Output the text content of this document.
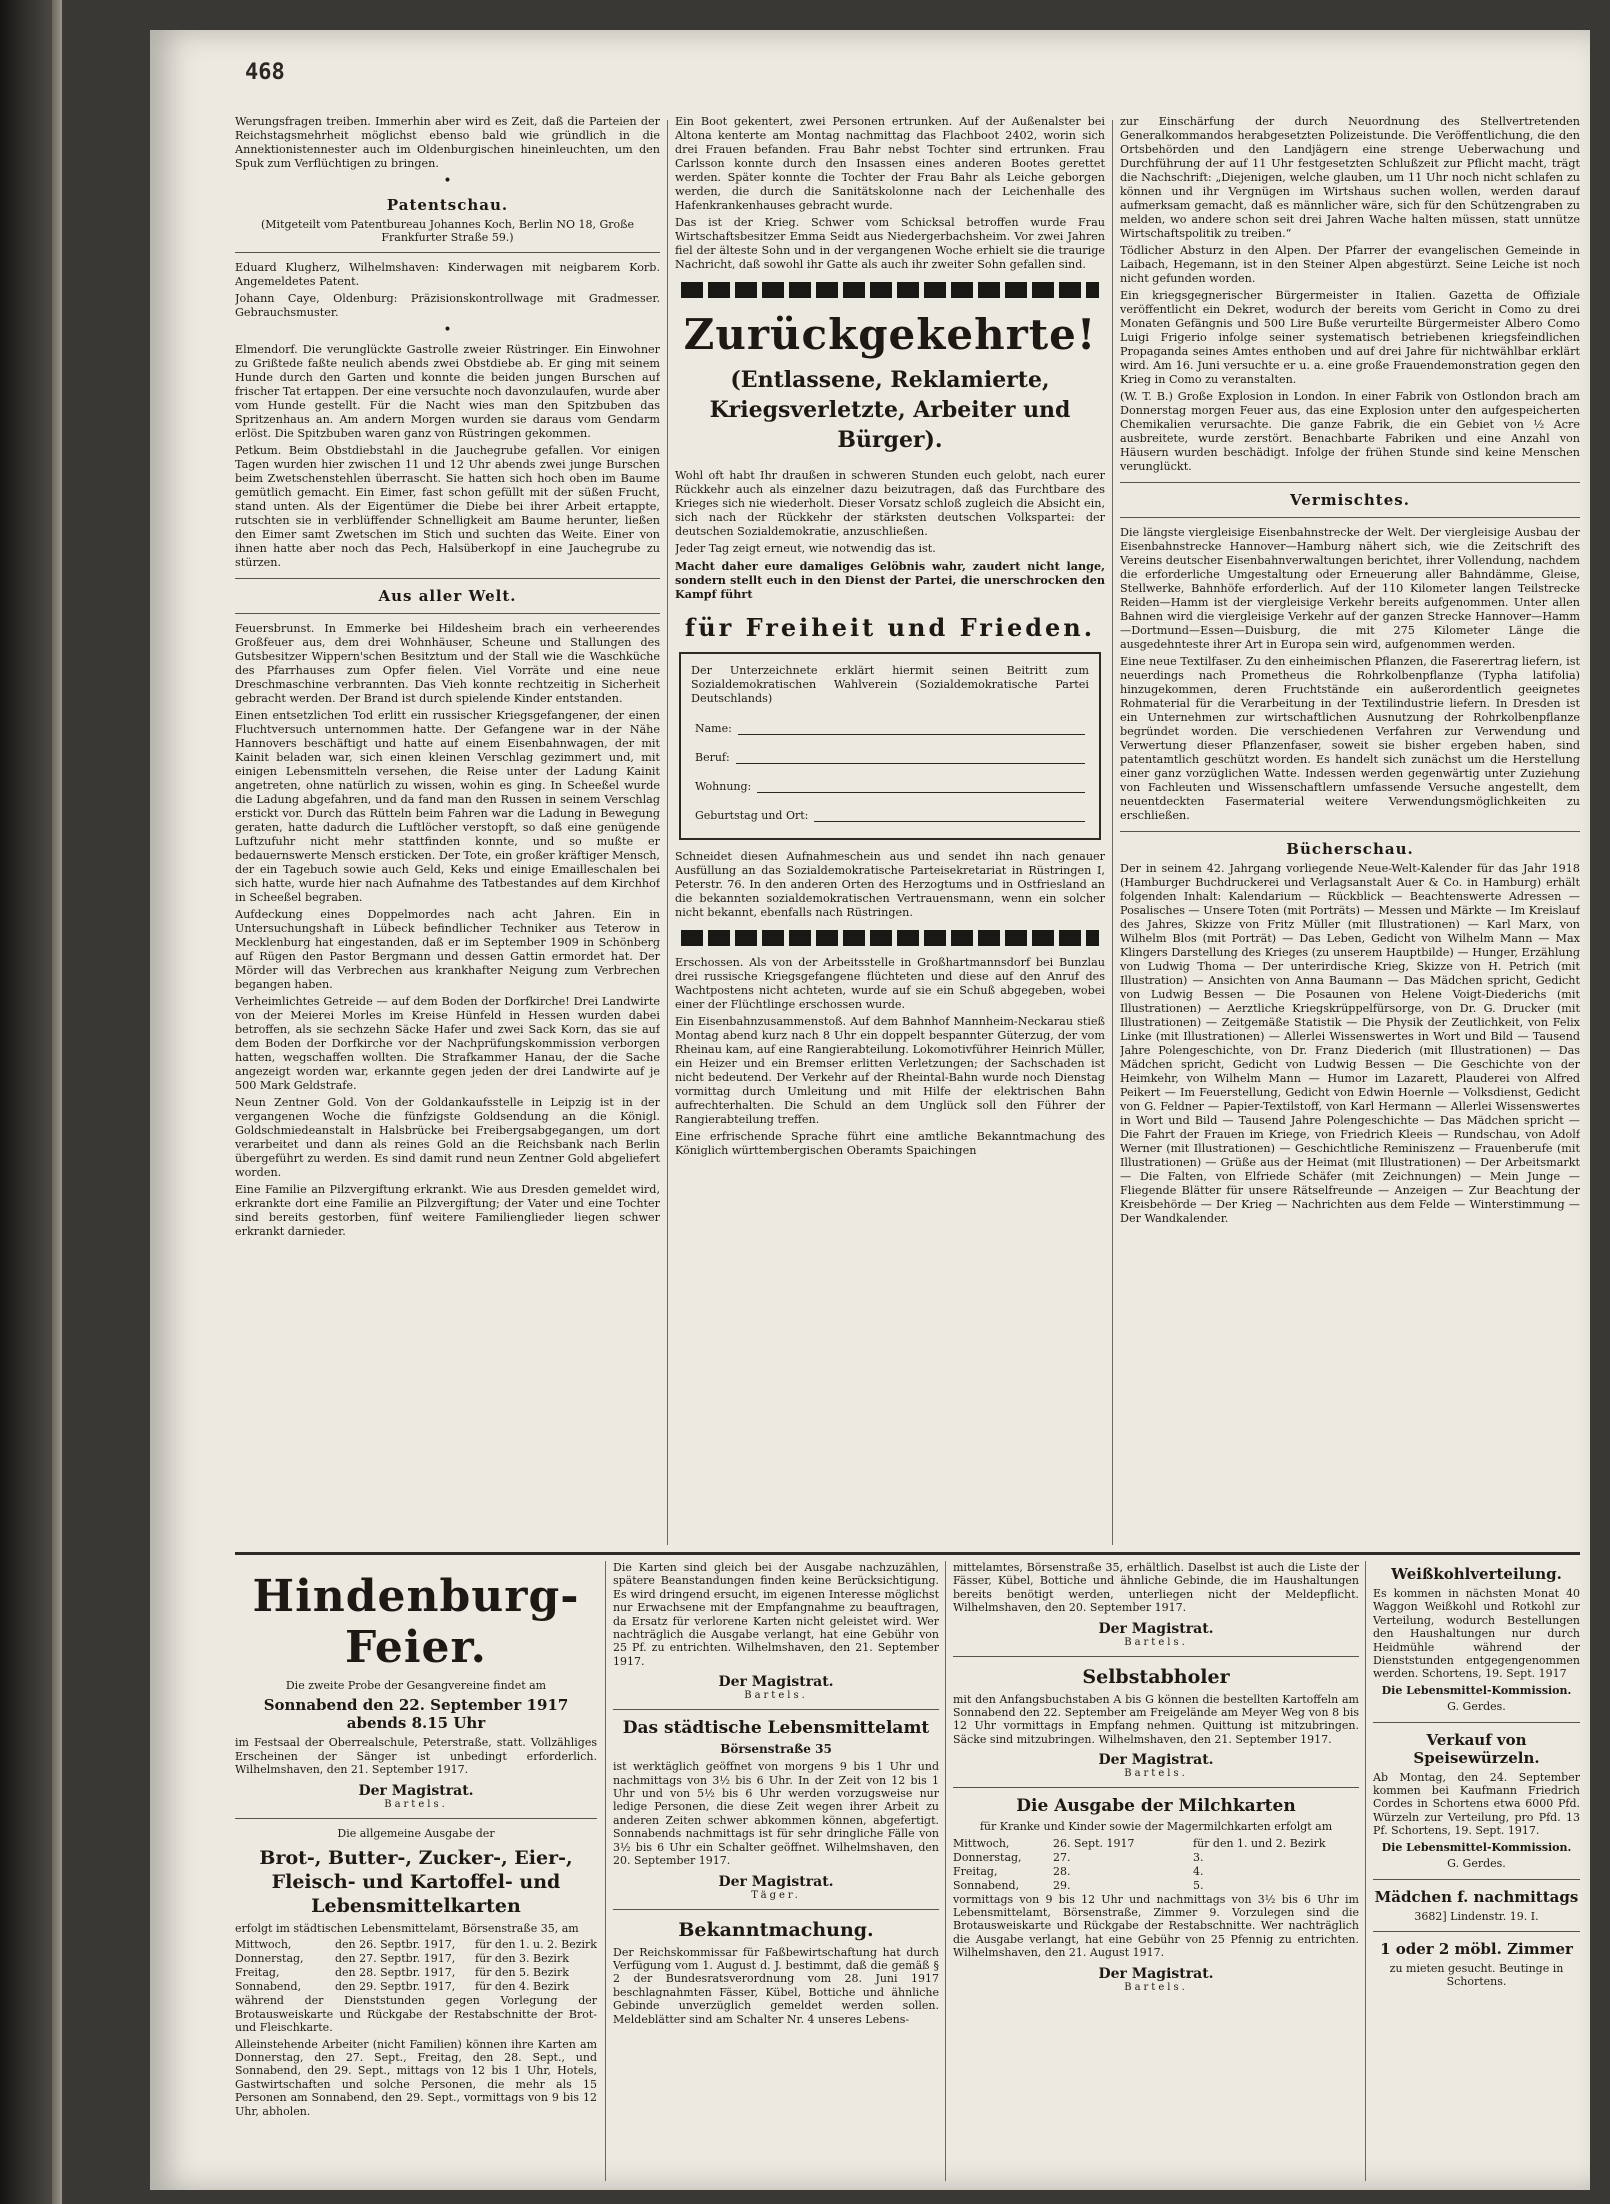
468

Werungsfragen treiben. Immerhin aber wird es Zeit, daß die Parteien der Reichstagsmehrheit möglichst ebenso bald wie gründlich in die Annektionistennester auch im Oldenburgischen hineinleuchten, um den Spuk zum Verflüchtigen zu bringen.

•
Patentschau.
(Mitgeteilt vom Patentbureau Johannes Koch, Berlin NO 18, Große Frankfurter Straße 59.)

Eduard Klugherz, Wilhelmshaven: Kinderwagen mit neigbarem Korb. Angemeldetes Patent.

Johann Caye, Oldenburg: Präzisionskontrollwage mit Gradmesser. Gebrauchsmuster.

•

Elmendorf. Die verunglückte Gastrolle zweier Rüstringer. Ein Einwohner zu Grißtede faßte neulich abends zwei Obstdiebe ab. Er ging mit seinem Hunde durch den Garten und konnte die beiden jungen Burschen auf frischer Tat ertappen. Der eine versuchte noch davonzulaufen, wurde aber vom Hunde gestellt. Für die Nacht wies man den Spitzbuben das Spritzenhaus an. Am andern Morgen wurden sie daraus vom Gendarm erlöst. Die Spitzbuben waren ganz von Rüstringen gekommen.

Petkum. Beim Obstdiebstahl in die Jauchegrube gefallen. Vor einigen Tagen wurden hier zwischen 11 und 12 Uhr abends zwei junge Burschen beim Zwetschenstehlen überrascht. Sie hatten sich hoch oben im Baume gemütlich gemacht. Ein Eimer, fast schon gefüllt mit der süßen Frucht, stand unten. Als der Eigentümer die Diebe bei ihrer Arbeit ertappte, rutschten sie in verblüffender Schnelligkeit am Baume herunter, ließen den Eimer samt Zwetschen im Stich und suchten das Weite. Einer von ihnen hatte aber noch das Pech, Halsüberkopf in eine Jauchegrube zu stürzen.

Aus aller Welt.

Feuersbrunst. In Emmerke bei Hildesheim brach ein verheerendes Großfeuer aus, dem drei Wohnhäuser, Scheune und Stallungen des Gutsbesitzer Wippern'schen Besitztum und der Stall wie die Waschküche des Pfarrhauses zum Opfer fielen. Viel Vorräte und eine neue Dreschmaschine verbrannten. Das Vieh konnte rechtzeitig in Sicherheit gebracht werden. Der Brand ist durch spielende Kinder entstanden.

Einen entsetzlichen Tod erlitt ein russischer Kriegsgefangener, der einen Fluchtversuch unternommen hatte. Der Gefangene war in der Nähe Hannovers beschäftigt und hatte auf einem Eisenbahnwagen, der mit Kainit beladen war, sich einen kleinen Verschlag gezimmert und, mit einigen Lebensmitteln versehen, die Reise unter der Ladung Kainit angetreten, ohne natürlich zu wissen, wohin es ging. In Scheeßel wurde die Ladung abgefahren, und da fand man den Russen in seinem Verschlag erstickt vor. Durch das Rütteln beim Fahren war die Ladung in Bewegung geraten, hatte dadurch die Luftlöcher verstopft, so daß eine genügende Luftzufuhr nicht mehr stattfinden konnte, und so mußte er bedauernswerte Mensch ersticken. Der Tote, ein großer kräftiger Mensch, der ein Tagebuch sowie auch Geld, Keks und einige Emailleschalen bei sich hatte, wurde hier nach Aufnahme des Tatbestandes auf dem Kirchhof in Scheeßel begraben.

Aufdeckung eines Doppelmordes nach acht Jahren. Ein in Untersuchungshaft in Lübeck befindlicher Techniker aus Teterow in Mecklenburg hat eingestanden, daß er im September 1909 in Schönberg auf Rügen den Pastor Bergmann und dessen Gattin ermordet hat. Der Mörder will das Verbrechen aus krankhafter Neigung zum Verbrechen begangen haben.

Verheimlichtes Getreide — auf dem Boden der Dorfkirche! Drei Landwirte von der Meierei Morles im Kreise Hünfeld in Hessen wurden dabei betroffen, als sie sechzehn Säcke Hafer und zwei Sack Korn, das sie auf dem Boden der Dorfkirche vor der Nachprüfungskommission verborgen hatten, wegschaffen wollten. Die Strafkammer Hanau, der die Sache angezeigt worden war, erkannte gegen jeden der drei Landwirte auf je 500 Mark Geldstrafe.

Neun Zentner Gold. Von der Goldankaufsstelle in Leipzig ist in der vergangenen Woche die fünfzigste Goldsendung an die Königl. Goldschmiedeanstalt in Halsbrücke bei Freibergsabgegangen, um dort verarbeitet und dann als reines Gold an die Reichsbank nach Berlin übergeführt zu werden. Es sind damit rund neun Zentner Gold abgeliefert worden.

Eine Familie an Pilzvergiftung erkrankt. Wie aus Dresden gemeldet wird, erkrankte dort eine Familie an Pilzvergiftung; der Vater und eine Tochter sind bereits gestorben, fünf weitere Familienglieder liegen schwer erkrankt darnieder.

Ein Boot gekentert, zwei Personen ertrunken. Auf der Außenalster bei Altona kenterte am Montag nachmittag das Flachboot 2402, worin sich drei Frauen befanden. Frau Bahr nebst Tochter sind ertrunken. Frau Carlsson konnte durch den Insassen eines anderen Bootes gerettet werden. Später konnte die Tochter der Frau Bahr als Leiche geborgen werden, die durch die Sanitätskolonne nach der Leichenhalle des Hafenkrankenhauses gebracht wurde.

Das ist der Krieg. Schwer vom Schicksal betroffen wurde Frau Wirtschaftsbesitzer Emma Seidt aus Niedergerbachsheim. Vor zwei Jahren fiel der älteste Sohn und in der vergangenen Woche erhielt sie die traurige Nachricht, daß sowohl ihr Gatte als auch ihr zweiter Sohn gefallen sind.

Zurückgekehrte!
(Entlassene, Reklamierte, Kriegsverletzte, Arbeiter und Bürger).

Wohl oft habt Ihr draußen in schweren Stunden euch gelobt, nach eurer Rückkehr auch als einzelner dazu beizutragen, daß das Furchtbare des Krieges sich nie wiederholt. Dieser Vorsatz schloß zugleich die Absicht ein, sich nach der Rückkehr der stärksten deutschen Volkspartei: der deutschen Sozialdemokratie, anzuschließen.

Jeder Tag zeigt erneut, wie notwendig das ist.

Macht daher eure damaliges Gelöbnis wahr, zaudert nicht lange, sondern stellt euch in den Dienst der Partei, die unerschrocken den Kampf führt

für Freiheit und Frieden.

Der Unterzeichnete erklärt hiermit seinen Beitritt zum Sozialdemokratischen Wahlverein (Sozialdemokratische Partei Deutschlands)

Name:
Beruf:
Wohnung:
Geburtstag und Ort:

Schneidet diesen Aufnahmeschein aus und sendet ihn nach genauer Ausfüllung an das Sozialdemokratische Parteisekretariat in Rüstringen I, Peterstr. 76. In den anderen Orten des Herzogtums und in Ostfriesland an die bekannten sozialdemokratischen Vertrauensmann, wenn ein solcher nicht bekannt, ebenfalls nach Rüstringen.

Erschossen. Als von der Arbeitsstelle in Großhartmannsdorf bei Bunzlau drei russische Kriegsgefangene flüchteten und diese auf den Anruf des Wachtpostens nicht achteten, wurde auf sie ein Schuß abgegeben, wobei einer der Flüchtlinge erschossen wurde.

Ein Eisenbahnzusammenstoß. Auf dem Bahnhof Mannheim-Neckarau stieß Montag abend kurz nach 8 Uhr ein doppelt bespannter Güterzug, der vom Rheinau kam, auf eine Rangierabteilung. Lokomotivführer Heinrich Müller, ein Heizer und ein Bremser erlitten Verletzungen; der Sachschaden ist nicht bedeutend. Der Verkehr auf der Rheintal-Bahn wurde noch Dienstag vormittag durch Umleitung und mit Hilfe der elektrischen Bahn aufrechterhalten. Die Schuld an dem Unglück soll den Führer der Rangierabteilung treffen.

Eine erfrischende Sprache führt eine amtliche Bekanntmachung des Königlich württembergischen Oberamts Spaichingen

zur Einschärfung der durch Neuordnung des Stellvertretenden Generalkommandos herabgesetzten Polizeistunde. Die Veröffentlichung, die den Ortsbehörden und den Landjägern eine strenge Ueberwachung und Durchführung der auf 11 Uhr festgesetzten Schlußzeit zur Pflicht macht, trägt die Nachschrift: „Diejenigen, welche glauben, um 11 Uhr noch nicht schlafen zu können und ihr Vergnügen im Wirtshaus suchen wollen, werden darauf aufmerksam gemacht, daß es männlicher wäre, sich für den Schützengraben zu melden, wo andere schon seit drei Jahren Wache halten müssen, statt unnütze Wirtschaftspolitik zu treiben.“

Tödlicher Absturz in den Alpen. Der Pfarrer der evangelischen Gemeinde in Laibach, Hegemann, ist in den Steiner Alpen abgestürzt. Seine Leiche ist noch nicht gefunden worden.

Ein kriegsgegnerischer Bürgermeister in Italien. Gazetta de Offiziale veröffentlicht ein Dekret, wodurch der bereits vom Gericht in Como zu drei Monaten Gefängnis und 500 Lire Buße verurteilte Bürgermeister Albero Como Luigi Frigerio infolge seiner systematisch betriebenen kriegsfeindlichen Propaganda seines Amtes enthoben und auf drei Jahre für nichtwählbar erklärt wird. Am 16. Juni versuchte er u. a. eine große Frauendemonstration gegen den Krieg in Como zu veranstalten.

(W. T. B.) Große Explosion in London. In einer Fabrik von Ostlondon brach am Donnerstag morgen Feuer aus, das eine Explosion unter den aufgespeicherten Chemikalien verursachte. Die ganze Fabrik, die ein Gebiet von ½ Acre ausbreitete, wurde zerstört. Benachbarte Fabriken und eine Anzahl von Häusern wurden beschädigt. Infolge der frühen Stunde sind keine Menschen verunglückt.

Vermischtes.

Die längste viergleisige Eisenbahnstrecke der Welt. Der viergleisige Ausbau der Eisenbahnstrecke Hannover—Hamburg nähert sich, wie die Zeitschrift des Vereins deutscher Eisenbahnverwaltungen berichtet, ihrer Vollendung, nachdem die erforderliche Umgestaltung oder Erneuerung aller Bahndämme, Gleise, Stellwerke, Bahnhöfe erforderlich. Auf der 110 Kilometer langen Teilstrecke Reiden—Hamm ist der viergleisige Verkehr bereits aufgenommen. Unter allen Bahnen wird die viergleisige Verkehr auf der ganzen Strecke Hannover—Hamm—Dortmund—Essen—Duisburg, die mit 275 Kilometer Länge die ausgedehnteste ihrer Art in Europa sein wird, aufgenommen werden.

Eine neue Textilfaser. Zu den einheimischen Pflanzen, die Faserertrag liefern, ist neuerdings nach Prometheus die Rohrkolbenpflanze (Typha latifolia) hinzugekommen, deren Fruchtstände ein außerordentlich geeignetes Rohmaterial für die Verarbeitung in der Textilindustrie liefern. In Dresden ist ein Unternehmen zur wirtschaftlichen Ausnutzung der Rohrkolbenpflanze begründet worden. Die verschiedenen Verfahren zur Verwendung und Verwertung dieser Pflanzenfaser, soweit sie bisher ergeben haben, sind patentamtlich geschützt worden. Es handelt sich zunächst um die Herstellung einer ganz vorzüglichen Watte. Indessen werden gegenwärtig unter Zuziehung von Fachleuten und Wissenschaftlern umfassende Versuche angestellt, dem neuentdeckten Fasermaterial weitere Verwendungsmöglichkeiten zu erschließen.

Bücherschau.

Der in seinem 42. Jahrgang vorliegende Neue-Welt-Kalender für das Jahr 1918 (Hamburger Buchdruckerei und Verlagsanstalt Auer & Co. in Hamburg) erhält folgenden Inhalt: Kalendarium — Rückblick — Beachtenswerte Adressen — Posalisches — Unsere Toten (mit Porträts) — Messen und Märkte — Im Kreislauf des Jahres, Skizze von Fritz Müller (mit Illustrationen) — Karl Marx, von Wilhelm Blos (mit Porträt) — Das Leben, Gedicht von Wilhelm Mann — Max Klingers Darstellung des Krieges (zu unserem Hauptbilde) — Hunger, Erzählung von Ludwig Thoma — Der unterirdische Krieg, Skizze von H. Petrich (mit Illustration) — Ansichten von Anna Baumann — Das Mädchen spricht, Gedicht von Ludwig Bessen — Die Posaunen von Helene Voigt-Diederichs (mit Illustrationen) — Aerztliche Kriegskrüppelfürsorge, von Dr. G. Drucker (mit Illustrationen) — Zeitgemäße Statistik — Die Physik der Zeutlichkeit, von Felix Linke (mit Illustrationen) — Allerlei Wissenswertes in Wort und Bild — Tausend Jahre Polengeschichte, von Dr. Franz Diederich (mit Illustrationen) — Das Mädchen spricht, Gedicht von Ludwig Bessen — Die Geschichte von der Heimkehr, von Wilhelm Mann — Humor im Lazarett, Plauderei von Alfred Peikert — Im Feuerstellung, Gedicht von Edwin Hoernle — Volksdienst, Gedicht von G. Feldner — Papier-Textilstoff, von Karl Hermann — Allerlei Wissenswertes in Wort und Bild — Tausend Jahre Polengeschichte — Das Mädchen spricht — Die Fahrt der Frauen im Kriege, von Friedrich Kleeis — Rundschau, von Adolf Werner (mit Illustrationen) — Geschichtliche Reminiszenz — Frauenberufe (mit Illustrationen) — Grüße aus der Heimat (mit Illustrationen) — Der Arbeitsmarkt — Die Falten, von Elfriede Schäfer (mit Zeichnungen) — Mein Junge — Fliegende Blätter für unsere Rätselfreunde — Anzeigen — Zur Beachtung der Kreisbehörde — Der Krieg — Nachrichten aus dem Felde — Winterstimmung — Der Wandkalender.

Hindenburg-Feier.

Die zweite Probe der Gesangvereine findet am

Sonnabend den 22. September 1917 abends 8.15 Uhr

im Festsaal der Oberrealschule, Peterstraße, statt. Vollzähliges Erscheinen der Sänger ist unbedingt erforderlich. Wilhelmshaven, den 21. September 1917.

Der Magistrat.
Bartels.

Die allgemeine Ausgabe der

Brot-, Butter-, Zucker-, Eier-, Fleisch- und Kartoffel- und Lebensmittelkarten

erfolgt im städtischen Lebensmittelamt, Börsenstraße 35, am

Mittwoch,	den 26. Septbr. 1917,	für den 1. u. 2. Bezirk
Donnerstag,	den 27. Septbr. 1917,	für den 3. Bezirk
Freitag,	den 28. Septbr. 1917,	für den 5. Bezirk
Sonnabend,	den 29. Septbr. 1917,	für den 4. Bezirk

während der Dienststunden gegen Vorlegung der Brotausweiskarte und Rückgabe der Restabschnitte der Brot- und Fleischkarte.

Alleinstehende Arbeiter (nicht Familien) können ihre Karten am Donnerstag, den 27. Sept., Freitag, den 28. Sept., und Sonnabend, den 29. Sept., mittags von 12 bis 1 Uhr, Hotels, Gastwirtschaften und solche Personen, die mehr als 15 Personen am Sonnabend, den 29. Sept., vormittags von 9 bis 12 Uhr, abholen.

Die Karten sind gleich bei der Ausgabe nachzuzählen, spätere Beanstandungen finden keine Berücksichtigung. Es wird dringend ersucht, im eigenen Interesse möglichst nur Erwachsene mit der Empfangnahme zu beauftragen, da Ersatz für verlorene Karten nicht geleistet wird. Wer nachträglich die Ausgabe verlangt, hat eine Gebühr von 25 Pf. zu entrichten. Wilhelmshaven, den 21. September 1917.

Der Magistrat.
Bartels.
Das städtische Lebensmittelamt
Börsenstraße 35

ist werktäglich geöffnet von morgens 9 bis 1 Uhr und nachmittags von 3½ bis 6 Uhr. In der Zeit von 12 bis 1 Uhr und von 5½ bis 6 Uhr werden vorzugsweise nur ledige Personen, die diese Zeit wegen ihrer Arbeit zu anderen Zeiten schwer abkommen können, abgefertigt. Sonnabends nachmittags ist für sehr dringliche Fälle von 3½ bis 6 Uhr ein Schalter geöffnet. Wilhelmshaven, den 20. September 1917.

Der Magistrat.
Täger.
Bekanntmachung.

Der Reichskommissar für Faßbewirtschaftung hat durch Verfügung vom 1. August d. J. bestimmt, daß die gemäß § 2 der Bundesratsverordnung vom 28. Juni 1917 beschlagnahmten Fässer, Kübel, Bottiche und ähnliche Gebinde unverzüglich gemeldet werden sollen. Meldeblätter sind am Schalter Nr. 4 unseres Lebens-

mittelamtes, Börsenstraße 35, erhältlich. Daselbst ist auch die Liste der Fässer, Kübel, Bottiche und ähnliche Gebinde, die im Haushaltungen bereits benötigt werden, unterliegen nicht der Meldepflicht. Wilhelmshaven, den 20. September 1917.

Der Magistrat.
Bartels.
Selbstabholer

mit den Anfangsbuchstaben A bis G können die bestellten Kartoffeln am Sonnabend den 22. September am Freigelände am Meyer Weg von 8 bis 12 Uhr vormittags in Empfang nehmen. Quittung ist mitzubringen. Säcke sind mitzubringen. Wilhelmshaven, den 21. September 1917.

Der Magistrat.
Bartels.
Die Ausgabe der Milchkarten

für Kranke und Kinder sowie der Magermilchkarten erfolgt am

Mittwoch,	26. Sept. 1917	für den 1. und 2. Bezirk
Donnerstag,	27.	3.
Freitag,	28.	4.
Sonnabend,	29.	5.

vormittags von 9 bis 12 Uhr und nachmittags von 3½ bis 6 Uhr im Lebensmittelamt, Börsenstraße, Zimmer 9. Vorzulegen sind die Brotausweiskarte und Rückgabe der Restabschnitte. Wer nachträglich die Ausgabe verlangt, hat eine Gebühr von 25 Pfennig zu entrichten. Wilhelmshaven, den 21. August 1917.

Der Magistrat.
Bartels.
Weißkohlverteilung.

Es kommen in nächsten Monat 40 Waggon Weißkohl und Rotkohl zur Verteilung, wodurch Bestellungen den Haushaltungen nur durch Heidmühle während der Dienststunden entgegengenommen werden. Schortens, 19. Sept. 1917

Die Lebensmittel-Kommission.

G. Gerdes.

Verkauf von Speisewürzeln.

Ab Montag, den 24. September kommen bei Kaufmann Friedrich Cordes in Schortens etwa 6000 Pfd. Würzeln zur Verteilung, pro Pfd. 13 Pf. Schortens, 19. Sept. 1917.

Die Lebensmittel-Kommission.

G. Gerdes.

Mädchen f. nachmittags

3682] Lindenstr. 19. I.

1 oder 2 möbl. Zimmer

zu mieten gesucht. Beutinge in Schortens.
